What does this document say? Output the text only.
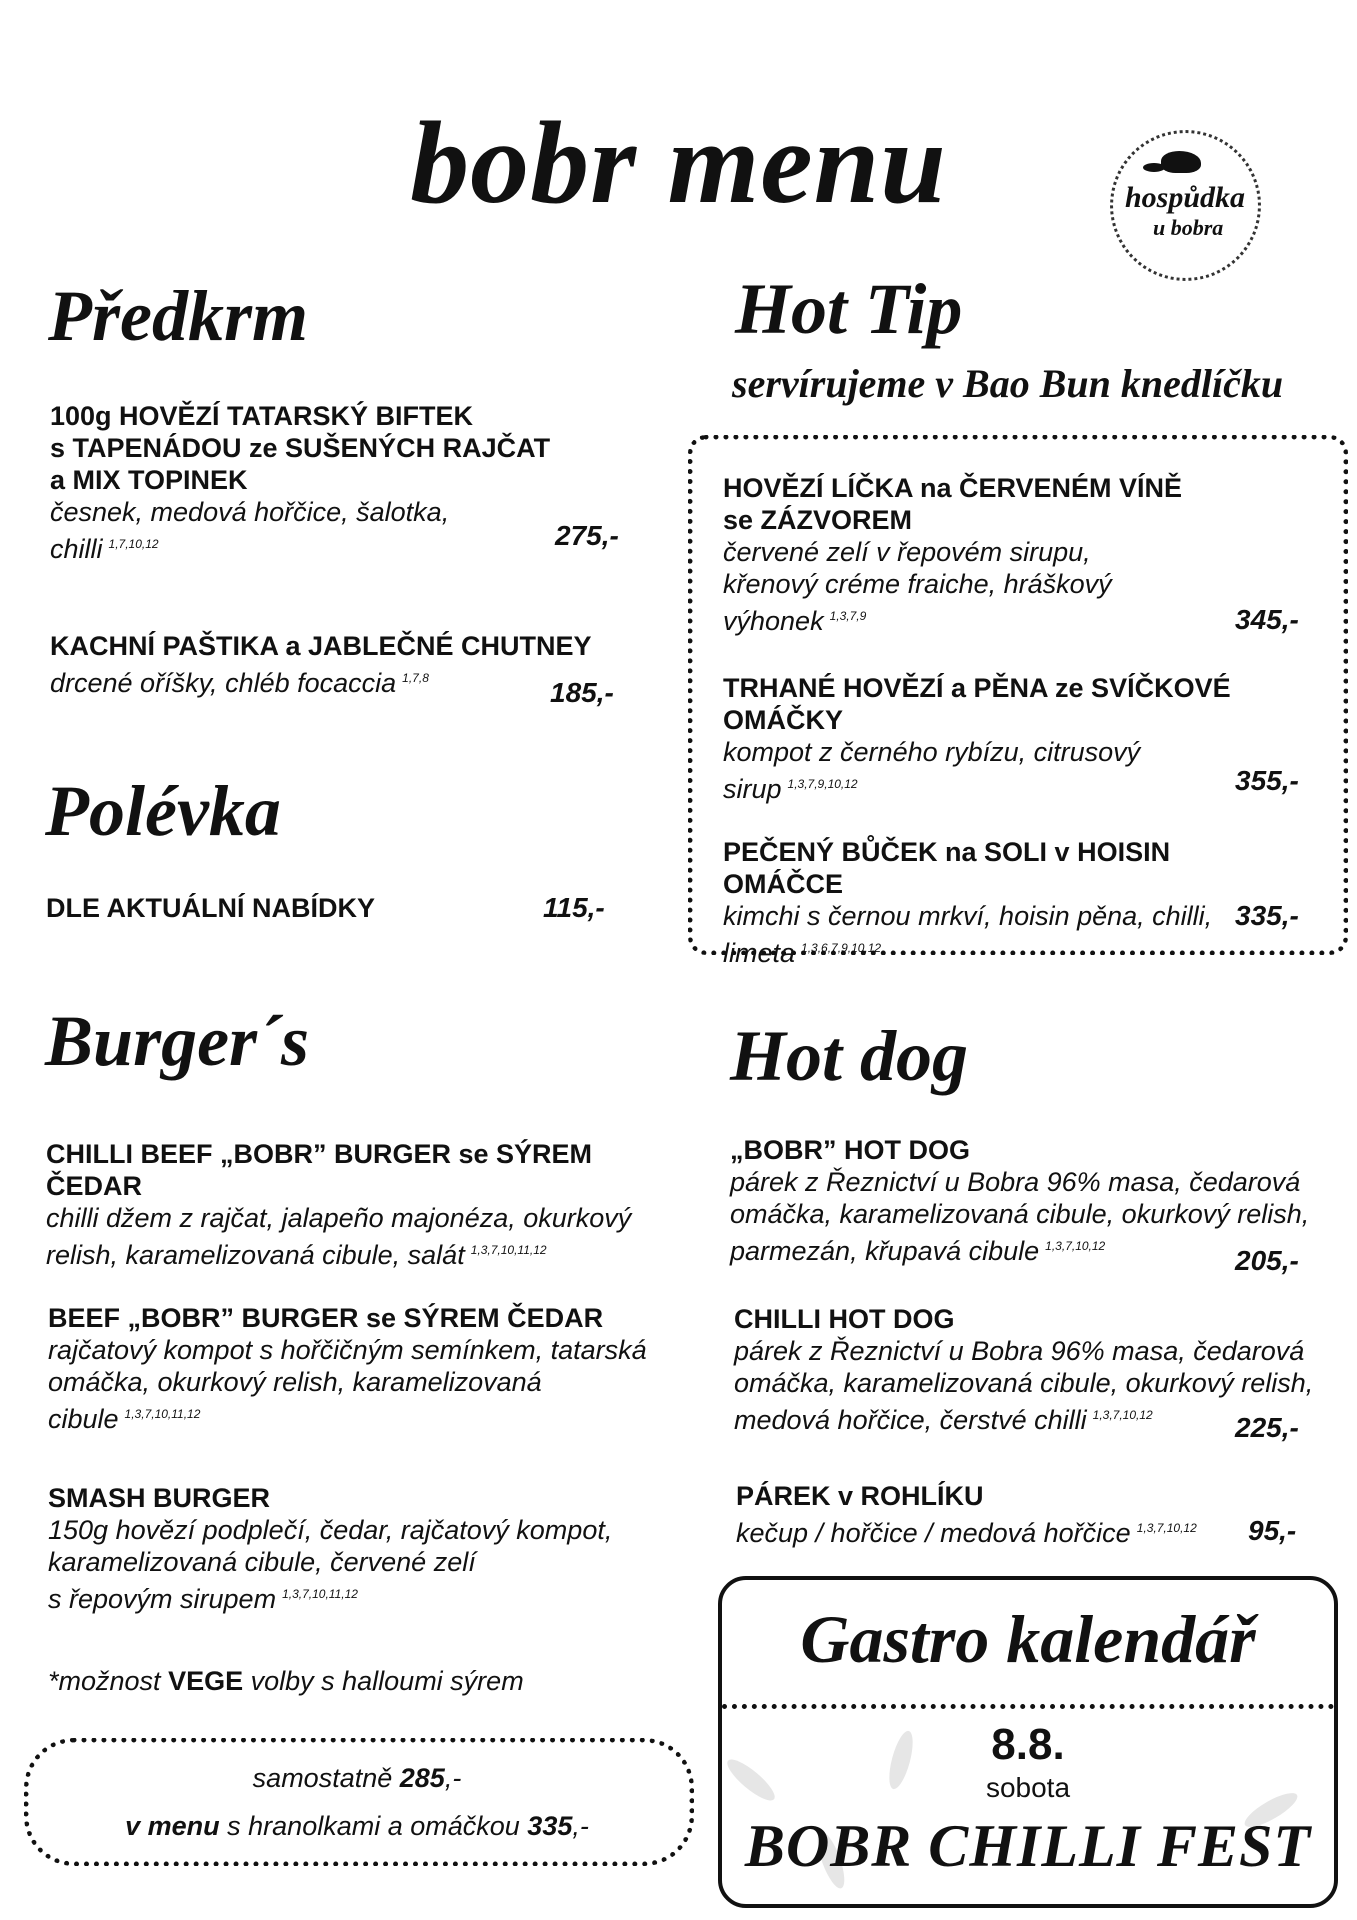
bobr menu	hospůdka
u bobra
Předkrm
100g HOVĚZÍ TATARSKÝ BIFTEK
s TAPENÁDOU ze SUŠENÝCH RAJČAT
a MIX TOPINEK
česnek, medová hořčice, šalotka,
chilli $^{1,7,10,12}$	275,-
KACHNÍ PAŠTIKA a JABLEČNÉ CHUTNEY
drcené oříšky, chléb focaccia $^{1,7,8}$	185,-
Polévka
DLE AKTUÁLNÍ NABÍDKY	115,-
Hot Tip
servírujeme v Bao Bun knedlíčku
HOVĚZÍ LÍČKA na ČERVENÉM VÍNĚ
se ZÁZVOREM
červené zelí v řepovém sirupu,
křenový créme fraiche, hráškový
výhonek $^{1,3,7,9}$	345,-
TRHANÉ HOVĚZÍ a PĚNA ze SVÍČKOVÉ
OMÁČKY
kompot z černého rybízu, citrusový
sirup $^{1,3,7,9,10,12}$	355,-
PEČENÝ BŮČEK na SOLI v HOISIN OMÁČCE
kimchi s černou mrkví, hoisin pěna, chilli,
limeta $^{1,3,6,7,9,10,12}$
335,-
Burger´s
CHILLI BEEF „BOBR” BURGER se SÝREM ČEDAR
chilli džem z rajčat, jalapeño majonéza, okurkový
relish, karamelizovaná cibule, salát $^{1,3,7,10,11,12}$
BEEF „BOBR” BURGER se SÝREM ČEDAR
rajčatový kompot s hořčičným semínkem, tatarská
omáčka, okurkový relish, karamelizovaná
cibule $^{1,3,7,10,11,12}$
SMASH BURGER
150g hovězí podplečí, čedar, rajčatový kompot,
karamelizovaná cibule, červené zelí
s řepovým sirupem $^{1,3,7,10,11,12}$
*možnost VEGE volby s halloumi sýrem
samostatně 285,-
v menu s hranolkami a omáčkou 335,-
Hot dog
„BOBR” HOT DOG
párek z Řeznictví u Bobra 96% masa, čedarová
omáčka, karamelizovaná cibule, okurkový relish,
parmezán, křupavá cibule $^{1,3,7,10,12}$	205,-
CHILLI HOT DOG
párek z Řeznictví u Bobra 96% masa, čedarová
omáčka, karamelizovaná cibule, okurkový relish,
medová hořčice, čerstvé chilli $^{1,3,7,10,12}$	225,-
PÁREK v ROHLÍKU
kečup / hořčice / medová hořčice $^{1,3,7,10,12}$	95,-
Gastro kalendář
8.8.
sobota
BOBR CHILLI FEST
